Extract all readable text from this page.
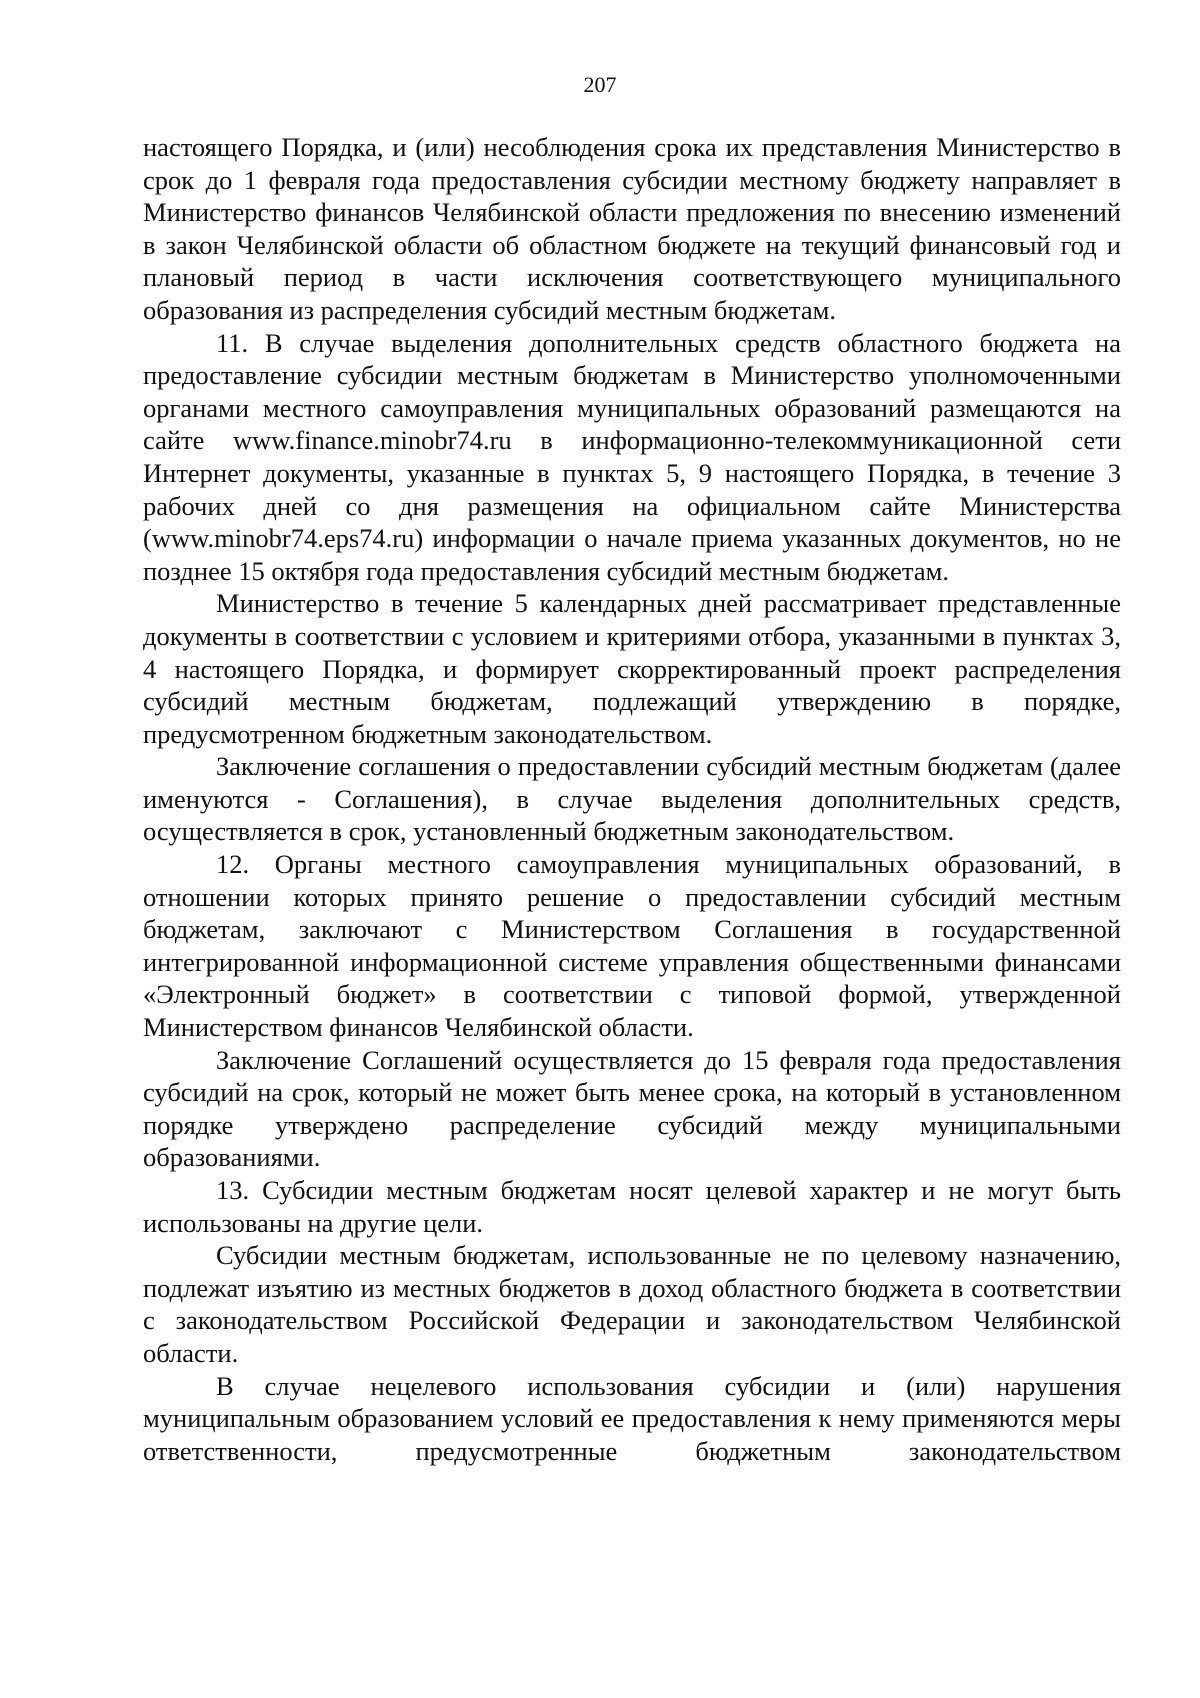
207

настоящего Порядка, и (или) несоблюдения срока их представления Министерство в срок до 1 февраля года предоставления субсидии местному бюджету направляет в Министерство финансов Челябинской области предложения по внесению изменений в закон Челябинской области об областном бюджете на текущий финансовый год и плановый период в части исключения соответствующего муниципального образования из распределения субсидий местным бюджетам.

11. В случае выделения дополнительных средств областного бюджета на предоставление субсидии местным бюджетам в Министерство уполномоченными органами местного самоуправления муниципальных образований размещаются на сайте www.finance.minobr74.ru в информационно-телекоммуникационной сети Интернет документы, указанные в пунктах 5, 9 настоящего Порядка, в течение 3 рабочих дней со дня размещения на официальном сайте Министерства (www.minobr74.eps74.ru) информации о начале приема указанных документов, но не позднее 15 октября года предоставления субсидий местным бюджетам.

Министерство в течение 5 календарных дней рассматривает представленные документы в соответствии с условием и критериями отбора, указанными в пунктах 3, 4 настоящего Порядка, и формирует скорректированный проект распределения субсидий местным бюджетам, подлежащий утверждению в порядке, предусмотренном бюджетным законодательством.

Заключение соглашения о предоставлении субсидий местным бюджетам (далее именуются - Соглашения), в случае выделения дополнительных средств, осуществляется в срок, установленный бюджетным законодательством.

12. Органы местного самоуправления муниципальных образований, в отношении которых принято решение о предоставлении субсидий местным бюджетам, заключают с Министерством Соглашения в государственной интегрированной информационной системе управления общественными финансами «Электронный бюджет» в соответствии с типовой формой, утвержденной Министерством финансов Челябинской области.

Заключение Соглашений осуществляется до 15 февраля года предоставления субсидий на срок, который не может быть менее срока, на который в установленном порядке утверждено распределение субсидий между муниципальными образованиями.

13. Субсидии местным бюджетам носят целевой характер и не могут быть использованы на другие цели.

Субсидии местным бюджетам, использованные не по целевому назначению, подлежат изъятию из местных бюджетов в доход областного бюджета в соответствии с законодательством Российской Федерации и законодательством Челябинской области.

В случае нецелевого использования субсидии и (или) нарушения муниципальным образованием условий ее предоставления к нему применяются меры ответственности, предусмотренные бюджетным законодательством
